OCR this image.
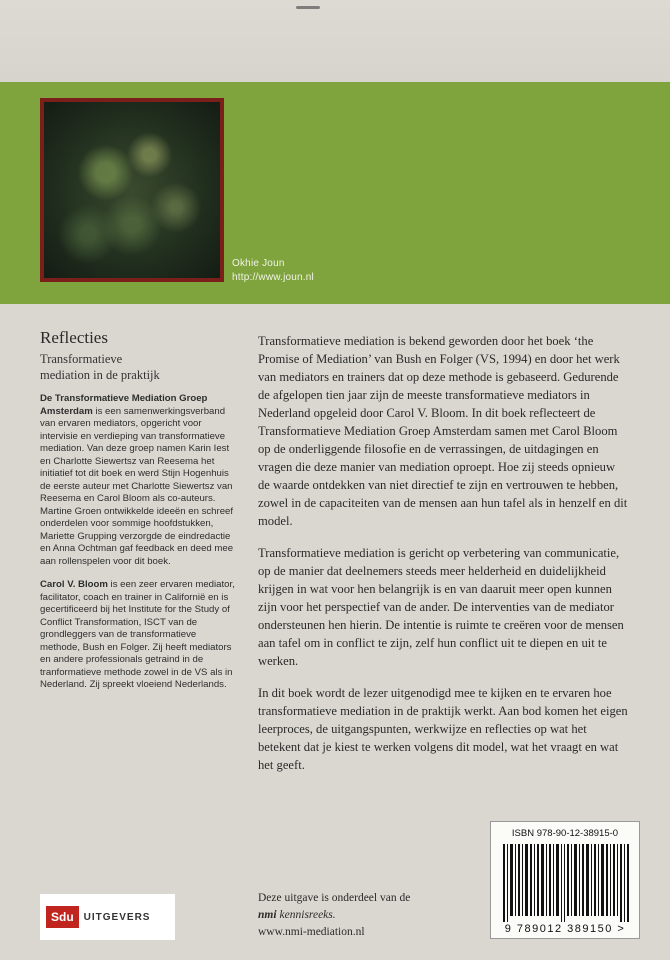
Okhie Joun
http://www.joun.nl
Reflecties
Transformatieve mediation in de praktijk

De Transformatieve Mediation Groep Amsterdam is een samenwerkingsverband van ervaren mediators, opgericht voor intervisie en verdieping van transformatieve mediation. Van deze groep namen Karin Iest en Charlotte Siewertsz van Reesema het initiatief tot dit boek en werd Stijn Hogenhuis de eerste auteur met Charlotte Siewertsz van Reesema en Carol Bloom als co-auteurs. Martine Groen ontwikkelde ideeën en schreef onderdelen voor sommige hoofdstukken, Mariette Grupping verzorgde de eindredactie en Anna Ochtman gaf feedback en deed mee aan rollenspelen voor dit boek.

Carol V. Bloom is een zeer ervaren mediator, facilitator, coach en trainer in Californië en is gecertificeerd bij het Institute for the Study of Conflict Transformation, ISCT van de grondleggers van de transformatieve methode, Bush en Folger. Zij heeft mediators en andere professionals getraind in de tranformatieve methode zowel in de VS als in Nederland. Zij spreekt vloeiend Nederlands.

Transformatieve mediation is bekend geworden door het boek ‘the Promise of Mediation’ van Bush en Folger (VS, 1994) en door het werk van mediators en trainers dat op deze methode is gebaseerd. Gedurende de afgelopen tien jaar zijn de meeste transformatieve mediators in Nederland opgeleid door Carol V. Bloom. In dit boek reflecteert de Transformatieve Mediation Groep Amsterdam samen met Carol Bloom op de onderliggende filosofie en de verrassingen, de uitdagingen en vragen die deze manier van mediation oproept. Hoe zij steeds opnieuw de waarde ontdekken van niet directief te zijn en vertrouwen te hebben, zowel in de capaciteiten van de mensen aan hun tafel als in henzelf en dit model.

Transformatieve mediation is gericht op verbetering van communicatie, op de manier dat deelnemers steeds meer helderheid en duidelijkheid krijgen in wat voor hen belangrijk is en van daaruit meer open kunnen zijn voor het perspectief van de ander. De interventies van de mediator ondersteunen hen hierin. De intentie is ruimte te creëren voor de mensen aan tafel om in conflict te zijn, zelf hun conflict uit te diepen en uit te werken.

In dit boek wordt de lezer uitgenodigd mee te kijken en te ervaren hoe transformatieve mediation in de praktijk werkt. Aan bod komen het eigen leerproces, de uitgangspunten, werkwijze en reflecties op wat het betekent dat je kiest te werken volgens dit model, wat het vraagt en wat het geeft.

ISBN 978-90-12-38915-0
9 789012 389150 >
Sdu	UITGEVERS
Deze uitgave is onderdeel van de
nmi kennisreeks.
www.nmi-mediation.nl
